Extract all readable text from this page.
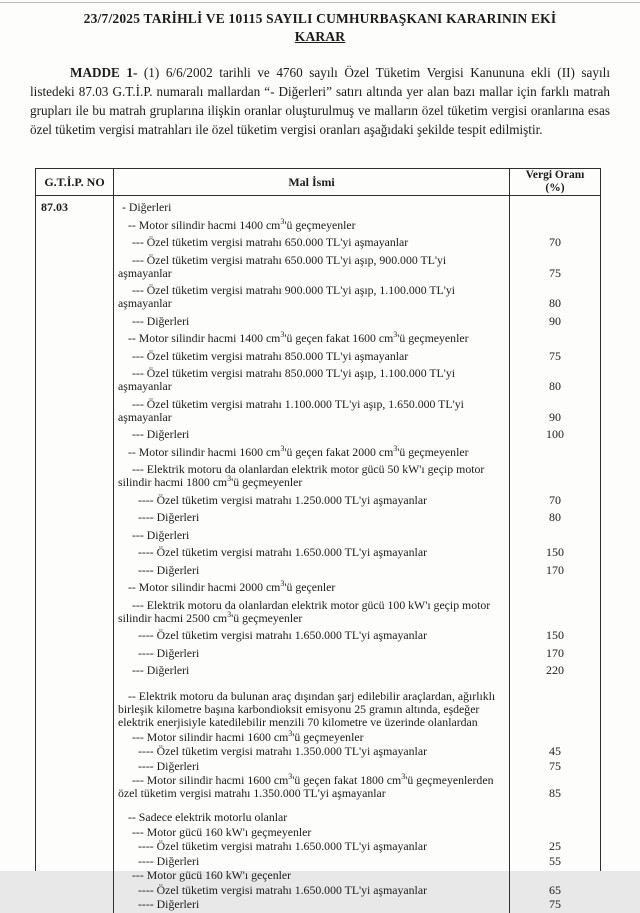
23/7/2025 TARİHLİ VE 10115 SAYILI CUMHURBAŞKANI KARARININ EKİ
KARAR

MADDE 1- (1) 6/6/2002 tarihli ve 4760 sayılı Özel Tüketim Vergisi Kanununa ekli (II) sayılı listedeki 87.03 G.T.İ.P. numaralı mallardan “- Diğerleri” satırı altında yer alan bazı mallar için farklı matrah grupları ile bu matrah gruplarına ilişkin oranlar oluşturulmuş ve malların özel tüketim vergisi oranlarına esas özel tüketim vergisi matrahları ile özel tüketim vergisi oranları aşağıdaki şekilde tespit edilmiştir.

G.T.İ.P. NO	Mal İsmi	Vergi Oranı
(%)
87.03	- Diğerleri
-- Motor silindir hacmi 1400 $cm^3'ü$ geçmeyenler
--- Özel tüketim vergisi matrahı 650.000 TL'yi aşmayanlar	70
--- Özel tüketim vergisi matrahı 650.000 TL'yi aşıp, 900.000 TL'yi aşmayanlar	75
--- Özel tüketim vergisi matrahı 900.000 TL'yi aşıp, 1.100.000 TL'yi aşmayanlar	80
--- Diğerleri	90
-- Motor silindir hacmi 1400 $cm^3'ü$ geçen fakat 1600 $cm^3'ü$ geçmeyenler
--- Özel tüketim vergisi matrahı 850.000 TL'yi aşmayanlar	75
--- Özel tüketim vergisi matrahı 850.000 TL'yi aşıp, 1.100.000 TL'yi aşmayanlar	80
--- Özel tüketim vergisi matrahı 1.100.000 TL'yi aşıp, 1.650.000 TL'yi aşmayanlar	90
--- Diğerleri	100
-- Motor silindir hacmi 1600 $cm^3'ü$ geçen fakat 2000 $cm^3'ü$ geçmeyenler
--- Elektrik motoru da olanlardan elektrik motor gücü 50 kW'ı geçip motor silindir hacmi 1800 $cm^3'ü$ geçmeyenler
---- Özel tüketim vergisi matrahı 1.250.000 TL'yi aşmayanlar	70
---- Diğerleri	80
--- Diğerleri
---- Özel tüketim vergisi matrahı 1.650.000 TL'yi aşmayanlar	150
---- Diğerleri	170
-- Motor silindir hacmi 2000 $cm^3'ü$ geçenler
--- Elektrik motoru da olanlardan elektrik motor gücü 100 kW'ı geçip motor silindir hacmi 2500 $cm^3'ü$ geçmeyenler
---- Özel tüketim vergisi matrahı 1.650.000 TL'yi aşmayanlar	150
---- Diğerleri	170
--- Diğerleri	220
-- Elektrik motoru da bulunan araç dışından şarj edilebilir araçlardan, ağırlıklı birleşik kilometre başına karbondioksit emisyonu 25 gramın altında, eşdeğer elektrik enerjisiyle katedilebilir menzili 70 kilometre ve üzerinde olanlardan
--- Motor silindir hacmi 1600 $cm^3'ü$ geçmeyenler
---- Özel tüketim vergisi matrahı 1.350.000 TL'yi aşmayanlar	45
---- Diğerleri	75
--- Motor silindir hacmi 1600 $cm^3'ü$ geçen fakat 1800 $cm^3'ü$ geçmeyenlerden özel tüketim vergisi matrahı 1.350.000 TL'yi aşmayanlar	85
-- Sadece elektrik motorlu olanlar
--- Motor gücü 160 kW'ı geçmeyenler
---- Özel tüketim vergisi matrahı 1.650.000 TL'yi aşmayanlar	25
---- Diğerleri	55
--- Motor gücü 160 kW'ı geçenler
---- Özel tüketim vergisi matrahı 1.650.000 TL'yi aşmayanlar	65
---- Diğerleri	75
